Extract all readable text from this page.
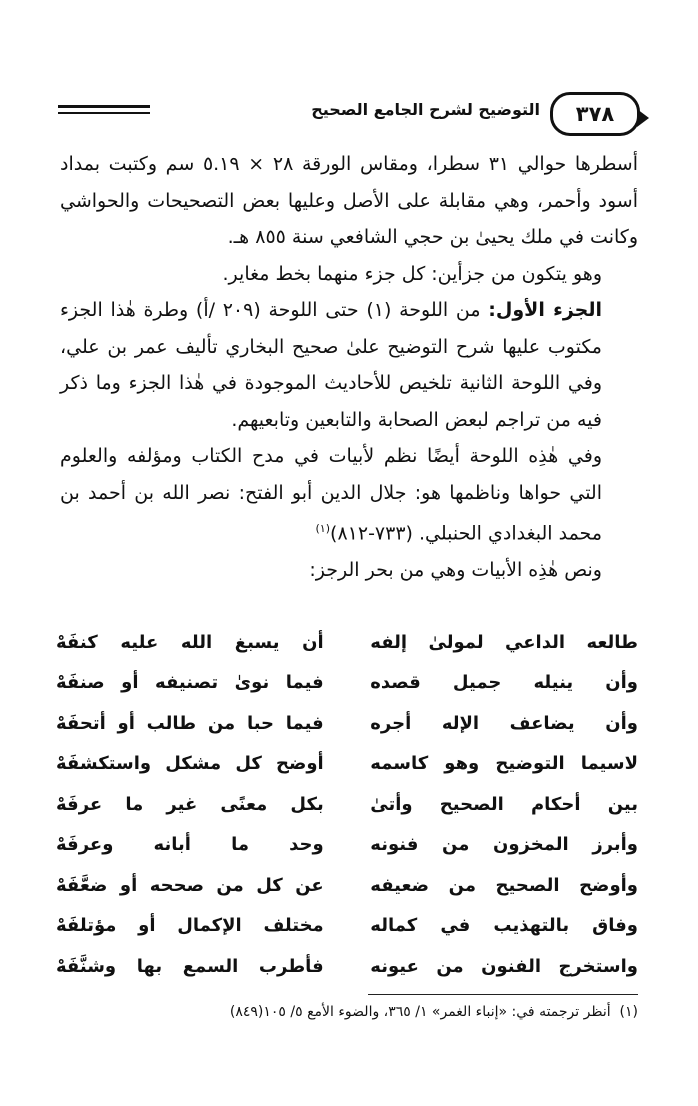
٣٧٨
التوضيح لشرح الجامع الصحيح

أسطرها حوالي ٣١ سطرا، ومقاس الورقة ٢٨ × ٥.١٩ سم وكتبت بمداد أسود وأحمر، وهي مقابلة على الأصل وعليها بعض التصحيحات والحواشي وكانت في ملك يحيىٰ بن حجي الشافعي سنة ٨٥٥ هـ.

وهو يتكون من جزأين: كل جزء منهما بخط مغاير.

الجزء الأول: من اللوحة (١) حتى اللوحة (٢٠٩ /أ) وطرة هٰذا الجزء مكتوب عليها شرح التوضيح علىٰ صحيح البخاري تأليف عمر بن علي، وفي اللوحة الثانية تلخيص للأحاديث الموجودة في هٰذا الجزء وما ذكر فيه من تراجم لبعض الصحابة والتابعين وتابعيهم.

وفي هٰذِه اللوحة أيضًا نظم لأبيات في مدح الكتاب ومؤلفه والعلوم التي حواها وناظمها هو: جلال الدين أبو الفتح: نصر الله بن أحمد بن محمد البغدادي الحنبلي. (٧٣٣-٨١٢)$^{(١)}$

ونص هٰذِه الأبيات وهي من بحر الرجز:

طالعه الداعي لمولىٰ إلفه
أن يسبغ الله عليه كنفَهْ
وأن ينيله جميل قصده
فيما نوىٰ تصنيفه أو صنفَهْ
وأن يضاعف الإله أجره
فيما حبا من طالب أو أتحفَهْ
لاسيما التوضيح وهو كاسمه
أوضح كل مشكل واستكشفَهْ
بين أحكام الصحيح وأتىٰ
بكل معنًى غير ما عرفَهْ
وأبرز المخزون من فنونه
وحد ما أبانه وعرفَهْ
وأوضح الصحيح من ضعيفه
عن كل من صححه أو ضعَّفَهْ
وفاق بالتهذيب في كماله
مختلف الإكمال أو مؤتلفَهْ
واستخرج الفنون من عيونه
فأطرب السمع بها وشنَّفَهْ
(١)  أنظر ترجمته في: «إنباء الغمر» ١/ ٣٦٥، والضوء الأمع ٥/ ١٠٥(٨٤٩)
